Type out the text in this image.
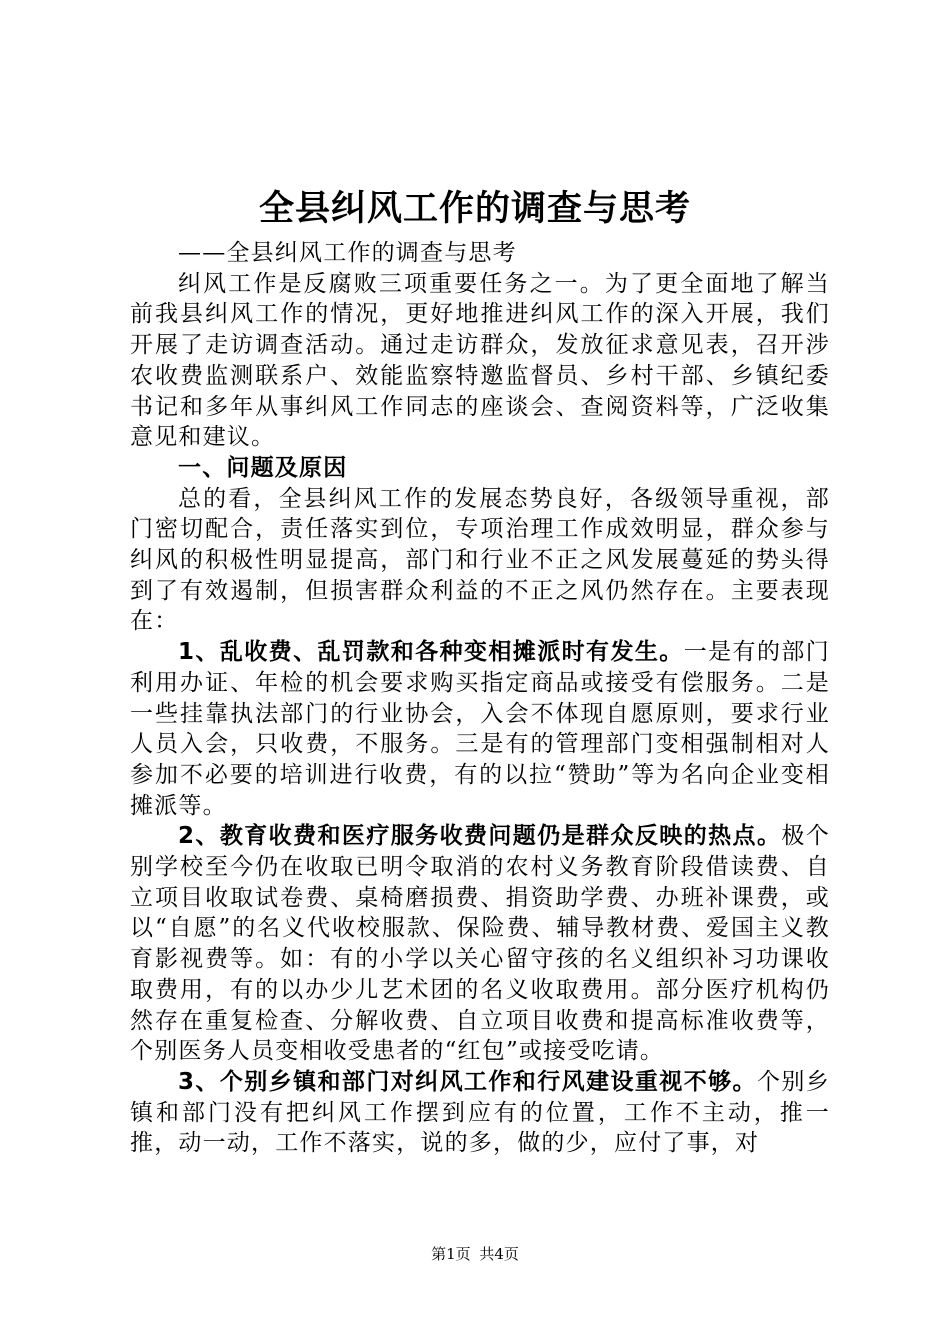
全县纠风工作的调查与思考

——全县纠风工作的调查与思考

纠风工作是反腐败三项重要任务之一。为了更全面地了解当前我县纠风工作的情况，更好地推进纠风工作的深入开展，我们开展了走访调查活动。通过走访群众，发放征求意见表，召开涉农收费监测联系户、效能监察特邀监督员、乡村干部、乡镇纪委书记和多年从事纠风工作同志的座谈会、查阅资料等，广泛收集意见和建议。

一、问题及原因

总的看，全县纠风工作的发展态势良好，各级领导重视，部门密切配合，责任落实到位，专项治理工作成效明显，群众参与纠风的积极性明显提高，部门和行业不正之风发展蔓延的势头得到了有效遏制，但损害群众利益的不正之风仍然存在。主要表现在：

1、乱收费、乱罚款和各种变相摊派时有发生。一是有的部门利用办证、年检的机会要求购买指定商品或接受有偿服务。二是一些挂靠执法部门的行业协会，入会不体现自愿原则，要求行业人员入会，只收费，不服务。三是有的管理部门变相强制相对人参加不必要的培训进行收费，有的以拉“赞助”等为名向企业变相摊派等。

2、教育收费和医疗服务收费问题仍是群众反映的热点。极个别学校至今仍在收取已明令取消的农村义务教育阶段借读费、自立项目收取试卷费、桌椅磨损费、捐资助学费、办班补课费，或以“自愿”的名义代收校服款、保险费、辅导教材费、爱国主义教育影视费等。如：有的小学以关心留守孩的名义组织补习功课收取费用，有的以办少儿艺术团的名义收取费用。部分医疗机构仍然存在重复检查、分解收费、自立项目收费和提高标准收费等，个别医务人员变相收受患者的“红包”或接受吃请。

3、个别乡镇和部门对纠风工作和行风建设重视不够。个别乡镇和部门没有把纠风工作摆到应有的位置，工作不主动，推一推，动一动，工作不落实，说的多，做的少，应付了事，对

第1页 共4页
